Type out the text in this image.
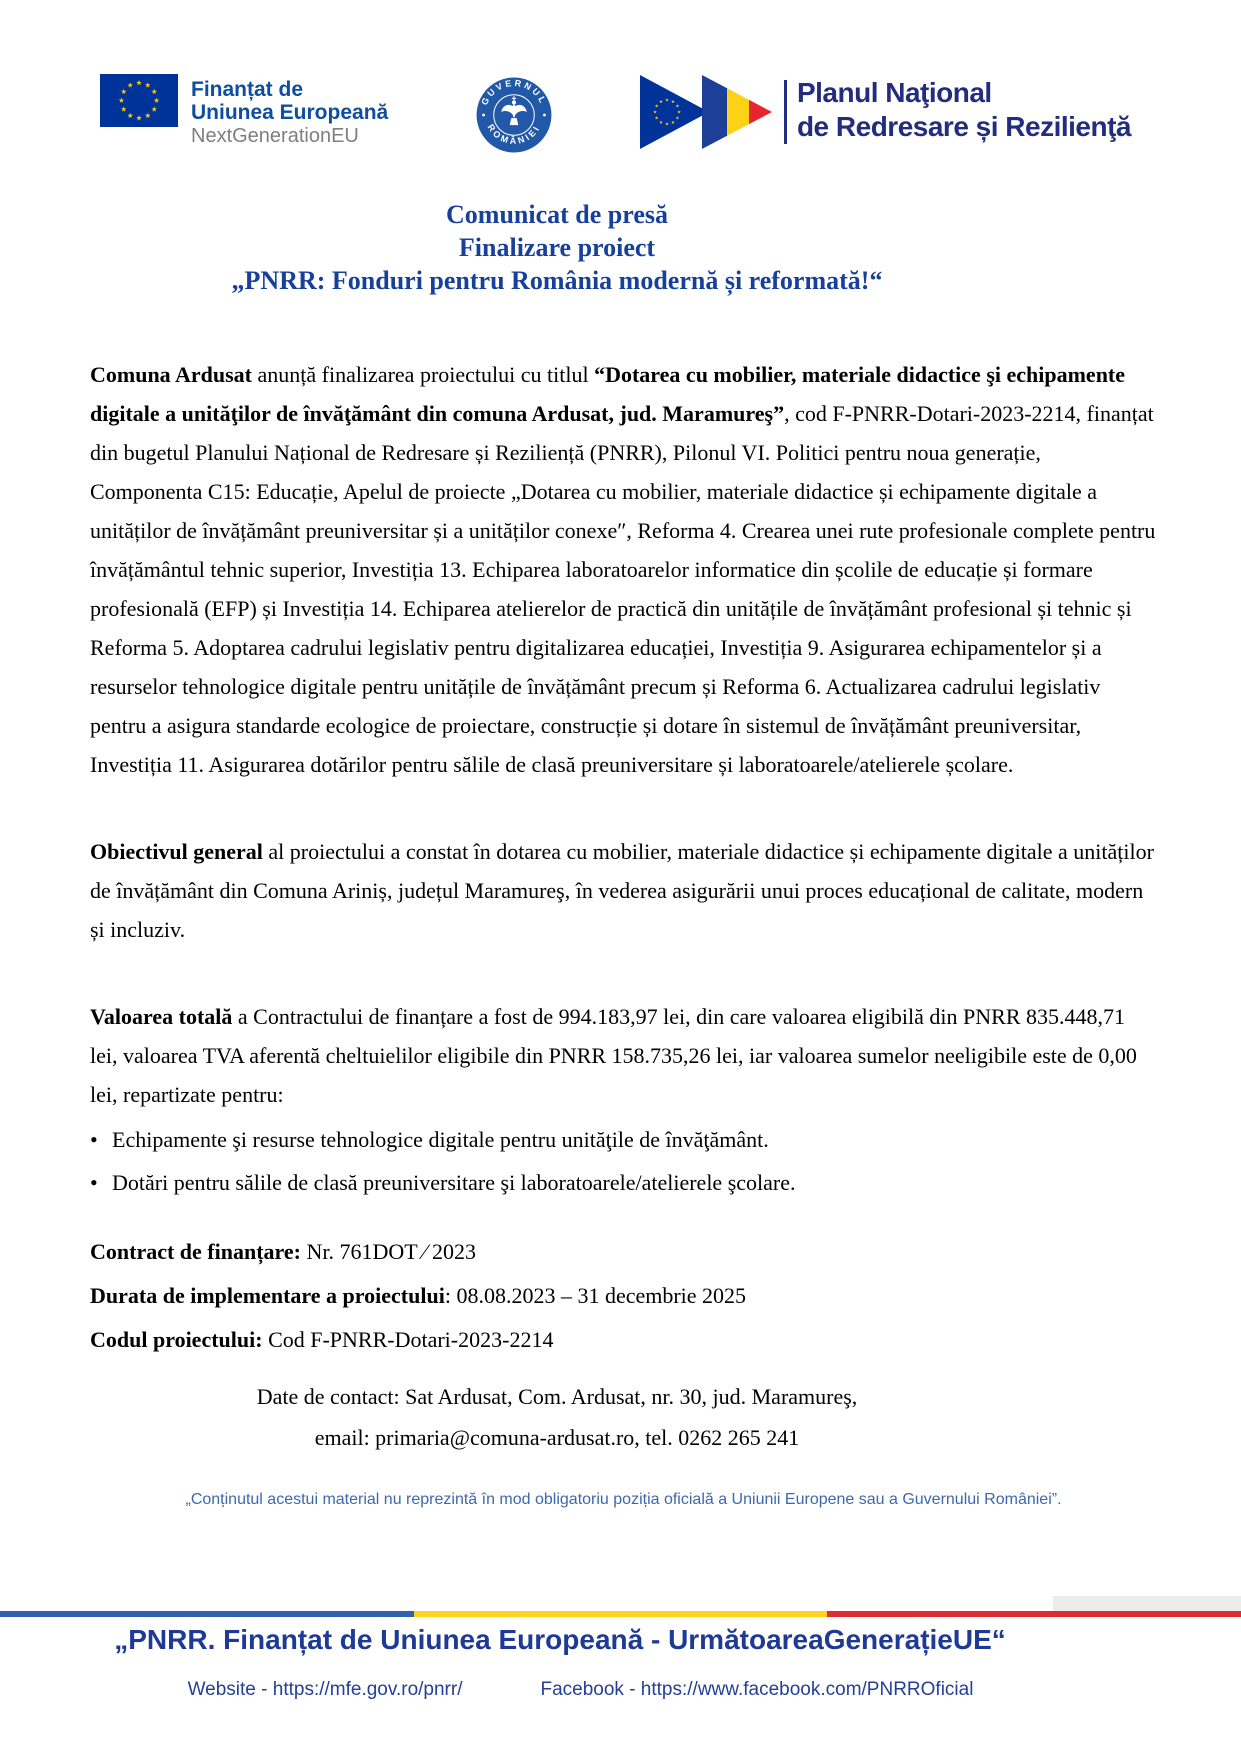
Finanțat de
Uniunea Europeană
NextGenerationEU
GUVERNUL
ROMÂNIEI
Planul Naţional
de Redresare și Rezilienţă
Comunicat de presă
Finalizare proiect
„PNRR: Fonduri pentru România modernă și reformată!“

Comuna Ardusat anunță finalizarea proiectului cu titlul “Dotarea cu mobilier, materiale didactice şi echipamente digitale a unităţilor de învăţământ din comuna Ardusat, jud. Maramureş”, cod F-PNRR-Dotari-2023-2214, finanțat din bugetul Planului Național de Redresare și Reziliență (PNRR), Pilonul VI. Politici pentru noua generație, Componenta C15: Educație, Apelul de proiecte „Dotarea cu mobilier, materiale didactice și echipamente digitale a unităților de învățământ preuniversitar și a unităților conexe″, Reforma 4. Crearea unei rute profesionale complete pentru învățământul tehnic superior, Investiția 13. Echiparea laboratoarelor informatice din școlile de educație și formare profesională (EFP) și Investiția 14. Echiparea atelierelor de practică din unitățile de învățământ profesional și tehnic și Reforma 5. Adoptarea cadrului legislativ pentru digitalizarea educației, Investiția 9. Asigurarea echipamentelor și a resurselor tehnologice digitale pentru unitățile de învățământ precum și Reforma 6. Actualizarea cadrului legislativ pentru a asigura standarde ecologice de proiectare, construcție și dotare în sistemul de învățământ preuniversitar, Investiția 11. Asigurarea dotărilor pentru sălile de clasă preuniversitare și laboratoarele/atelierele școlare.

Obiectivul general al proiectului a constat în dotarea cu mobilier, materiale didactice și echipamente digitale a unităților de învățământ din Comuna Ariniș, județul Maramureş, în vederea asigurării unui proces educațional de calitate, modern și incluziv.

Valoarea totală a Contractului de finanțare a fost de 994.183,97 lei, din care valoarea eligibilă din PNRR 835.448,71 lei, valoarea TVA aferentă cheltuielilor eligibile din PNRR 158.735,26 lei, iar valoarea sumelor neeligibile este de 0,00 lei, repartizate pentru:

• Echipamente şi resurse tehnologice digitale pentru unităţile de învăţământ.
• Dotări pentru sălile de clasă preuniversitare şi laboratoarele/atelierele şcolare.
Contract de finanțare: Nr. 761DOT ⁄ 2023
Durata de implementare a proiectului: 08.08.2023 – 31 decembrie 2025
Codul proiectului: Cod F-PNRR-Dotari-2023-2214
Date de contact: Sat Ardusat, Com. Ardusat, nr. 30, jud. Maramureş,
email: primaria@comuna-ardusat.ro, tel. 0262 265 241
„Conținutul acestui material nu reprezintă în mod obligatoriu poziția oficială a Uniunii Europene sau a Guvernului României”.
„PNRR. Finanțat de Uniunea Europeană - UrmătoareaGenerațieUE“
Website - https://mfe.gov.ro/pnrr/	Facebook - https://www.facebook.com/PNRROficial
